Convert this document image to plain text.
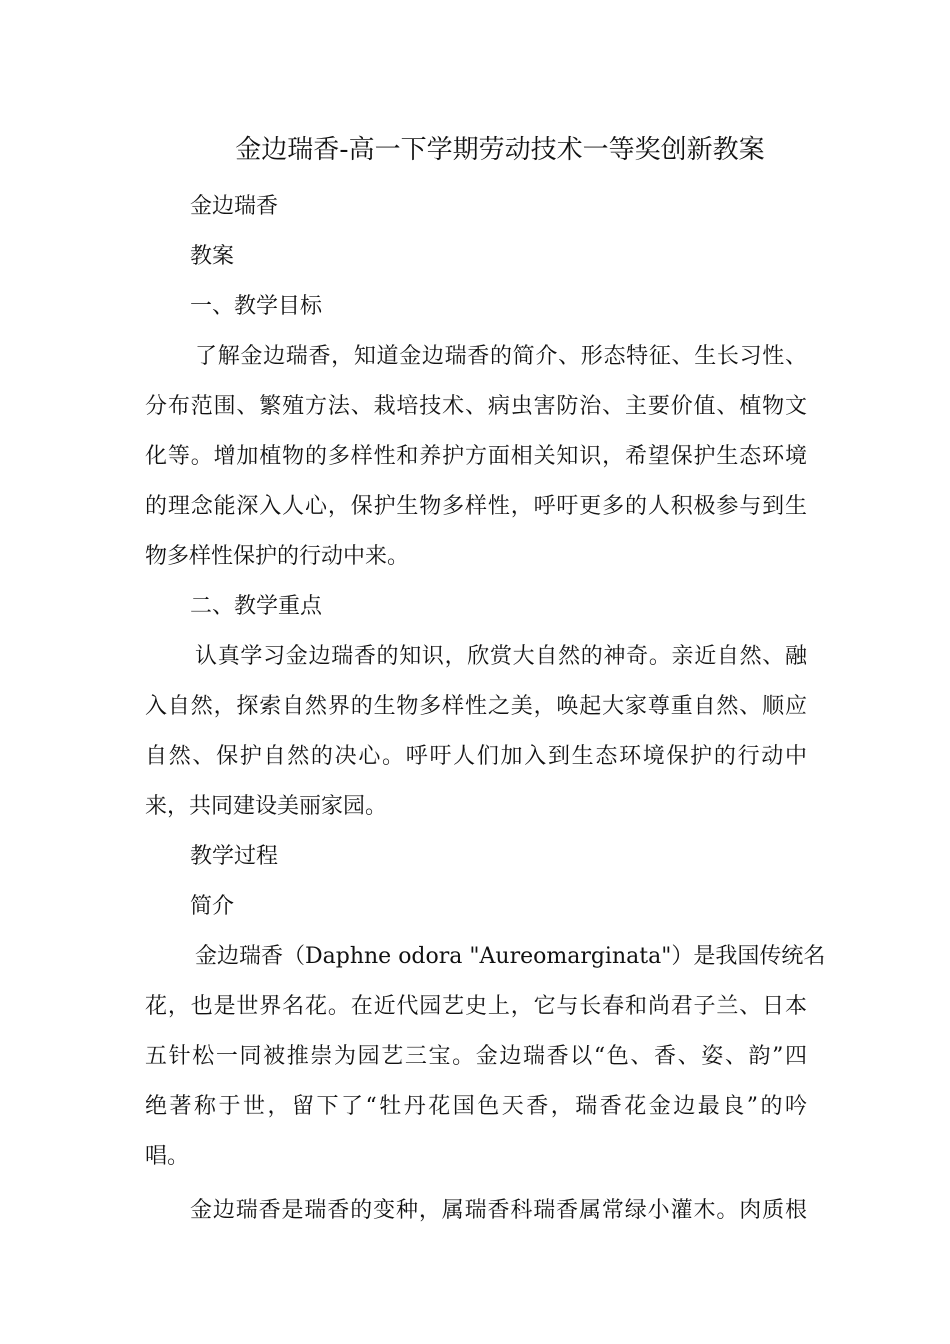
金边瑞香-高一下学期劳动技术一等奖创新教案
金边瑞香
教案
一、教学目标
了解金边瑞香，知道金边瑞香的简介、形态特征、生长习性、
分布范围、繁殖方法、栽培技术、病虫害防治、主要价值、植物文
化等。增加植物的多样性和养护方面相关知识，希望保护生态环境
的理念能深入人心，保护生物多样性，呼吁更多的人积极参与到生
物多样性保护的行动中来。
二、教学重点
认真学习金边瑞香的知识，欣赏大自然的神奇。亲近自然、融
入自然，探索自然界的生物多样性之美，唤起大家尊重自然、顺应
自然、保护自然的决心。呼吁人们加入到生态环境保护的行动中
来，共同建设美丽家园。
教学过程
简介
金边瑞香（Daphne odora "Aureomarginata"）是我国传统名
花，也是世界名花。在近代园艺史上，它与长春和尚君子兰、日本
五针松一同被推崇为园艺三宝。金边瑞香以“色、香、姿、韵”四
绝著称于世，留下了“牡丹花国色天香，瑞香花金边最良”的吟
唱。
金边瑞香是瑞香的变种，属瑞香科瑞香属常绿小灌木。肉质根
